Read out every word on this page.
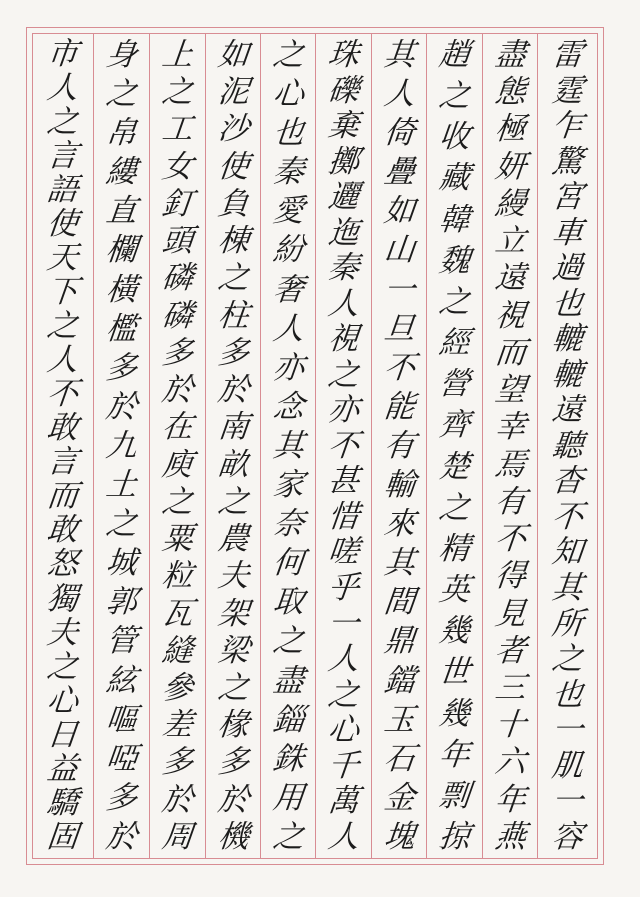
雷
霆
乍
驚
宮
車
過
也
轆
轆
遠
聽
杳
不
知
其
所
之
也
一
肌
一
容
盡
態
極
妍
縵
立
遠
視
而
望
幸
焉
有
不
得
見
者
三
十
六
年
燕
趙
之
收
藏
韓
魏
之
經
營
齊
楚
之
精
英
幾
世
幾
年
剽
掠
其
人
倚
疊
如
山
一
旦
不
能
有
輸
來
其
間
鼎
鐺
玉
石
金
塊
珠
礫
棄
擲
邐
迤
秦
人
視
之
亦
不
甚
惜
嗟
乎
一
人
之
心
千
萬
人
之
心
也
秦
愛
紛
奢
人
亦
念
其
家
奈
何
取
之
盡
錙
銖
用
之
如
泥
沙
使
負
棟
之
柱
多
於
南
畝
之
農
夫
架
梁
之
椽
多
於
機
上
之
工
女
釘
頭
磷
磷
多
於
在
庾
之
粟
粒
瓦
縫
參
差
多
於
周
身
之
帛
縷
直
欄
橫
檻
多
於
九
土
之
城
郭
管
絃
嘔
啞
多
於
市
人
之
言
語
使
天
下
之
人
不
敢
言
而
敢
怒
獨
夫
之
心
日
益
驕
固
